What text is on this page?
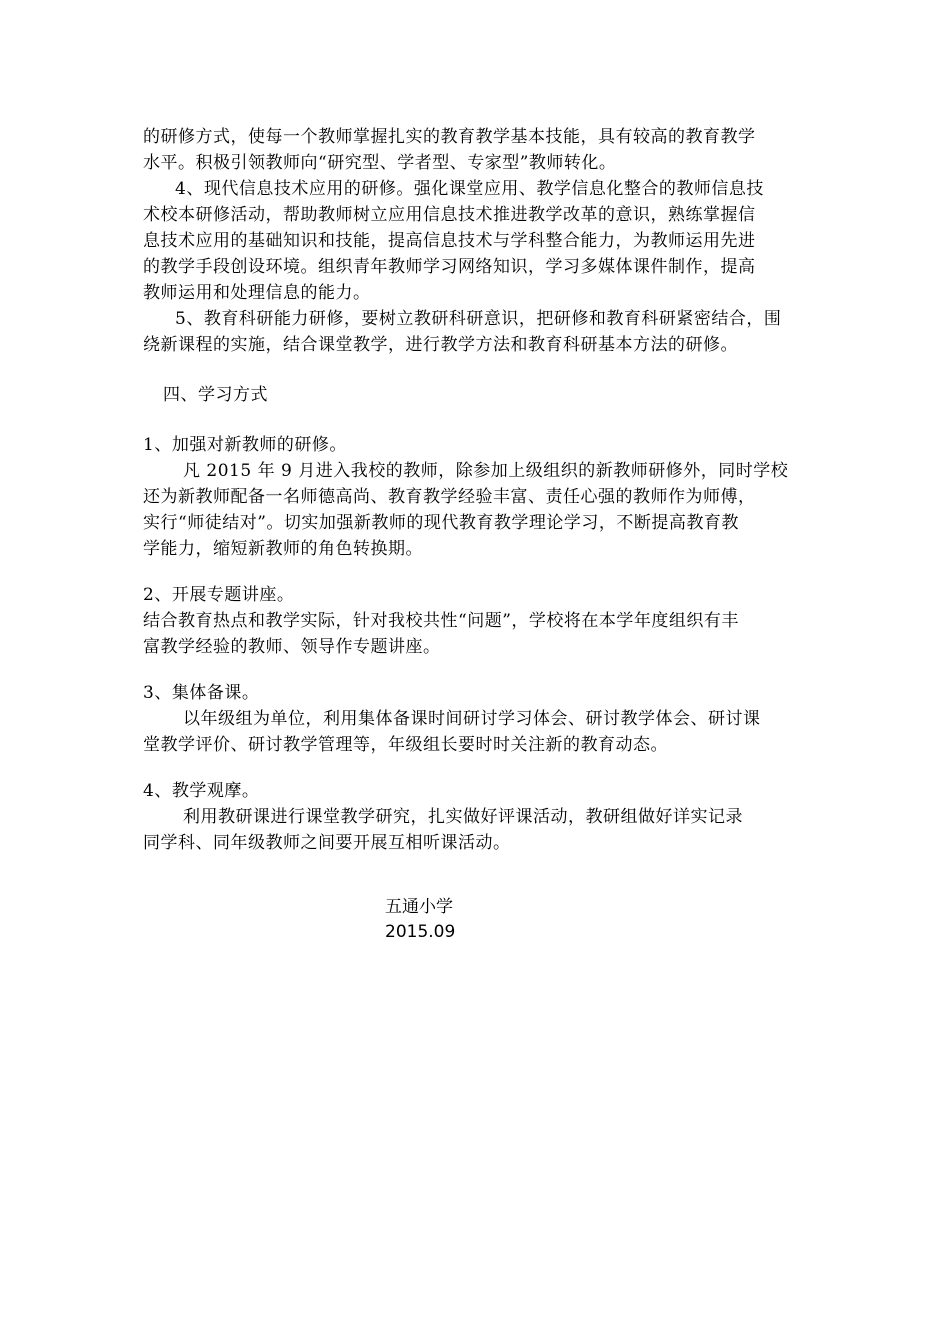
的研修方式，使每一个教师掌握扎实的教育教学基本技能，具有较高的教育教学
水平。积极引领教师向“研究型、学者型、专家型”教师转化。
4、现代信息技术应用的研修。强化课堂应用、教学信息化整合的教师信息技
术校本研修活动，帮助教师树立应用信息技术推进教学改革的意识，熟练掌握信
息技术应用的基础知识和技能，提高信息技术与学科整合能力，为教师运用先进
的教学手段创设环境。组织青年教师学习网络知识，学习多媒体课件制作，提高
教师运用和处理信息的能力。
5、教育科研能力研修，要树立教研科研意识，把研修和教育科研紧密结合，围
绕新课程的实施，结合课堂教学，进行教学方法和教育科研基本方法的研修。
四、学习方式
1、加强对新教师的研修。
凡 2015 年 9 月进入我校的教师，除参加上级组织的新教师研修外，同时学校
还为新教师配备一名师德高尚、教育教学经验丰富、责任心强的教师作为师傅，
实行“师徒结对”。切实加强新教师的现代教育教学理论学习，不断提高教育教
学能力，缩短新教师的角色转换期。
2、开展专题讲座。
结合教育热点和教学实际，针对我校共性“问题”，学校将在本学年度组织有丰
富教学经验的教师、领导作专题讲座。
3、集体备课。
以年级组为单位，利用集体备课时间研讨学习体会、研讨教学体会、研讨课
堂教学评价、研讨教学管理等，年级组长要时时关注新的教育动态。
4、教学观摩。
利用教研课进行课堂教学研究，扎实做好评课活动，教研组做好详实记录
同学科、同年级教师之间要开展互相听课活动。
五通小学
2015.09
